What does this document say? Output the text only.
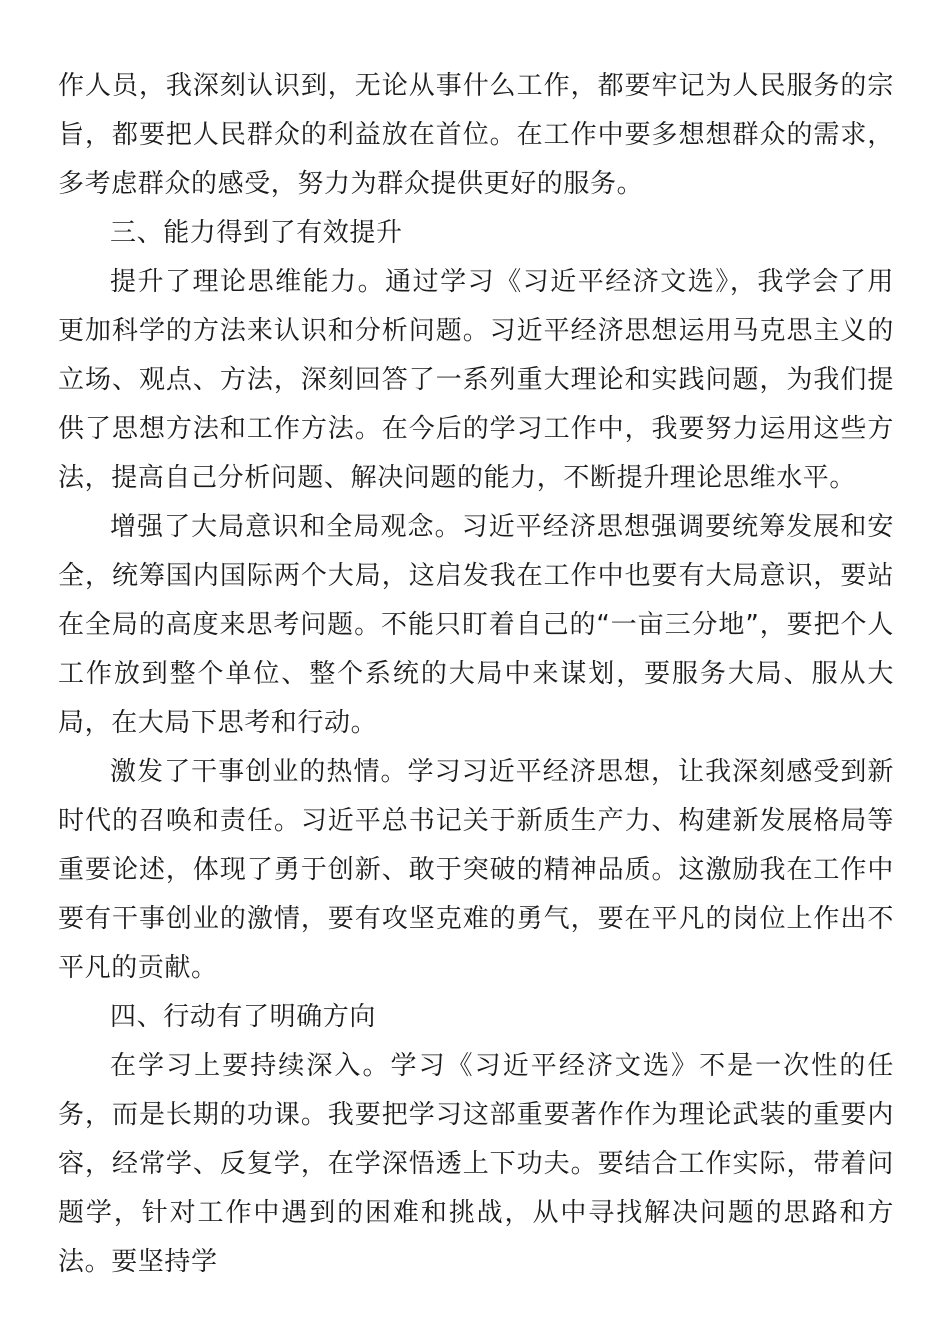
作人员，我深刻认识到，无论从事什么工作，都要牢记为人民服务的宗旨，都要把人民群众的利益放在首位。在工作中要多想想群众的需求，多考虑群众的感受，努力为群众提供更好的服务。

三、能力得到了有效提升

提升了理论思维能力。通过学习《习近平经济文选》，我学会了用更加科学的方法来认识和分析问题。习近平经济思想运用马克思主义的立场、观点、方法，深刻回答了一系列重大理论和实践问题，为我们提供了思想方法和工作方法。在今后的学习工作中，我要努力运用这些方法，提高自己分析问题、解决问题的能力，不断提升理论思维水平。

增强了大局意识和全局观念。习近平经济思想强调要统筹发展和安全，统筹国内国际两个大局，这启发我在工作中也要有大局意识，要站在全局的高度来思考问题。不能只盯着自己的“一亩三分地”，要把个人工作放到整个单位、整个系统的大局中来谋划，要服务大局、服从大局，在大局下思考和行动。

激发了干事创业的热情。学习习近平经济思想，让我深刻感受到新时代的召唤和责任。习近平总书记关于新质生产力、构建新发展格局等重要论述，体现了勇于创新、敢于突破的精神品质。这激励我在工作中要有干事创业的激情，要有攻坚克难的勇气，要在平凡的岗位上作出不平凡的贡献。

四、行动有了明确方向

在学习上要持续深入。学习《习近平经济文选》不是一次性的任务，而是长期的功课。我要把学习这部重要著作作为理论武装的重要内容，经常学、反复学，在学深悟透上下功夫。要结合工作实际，带着问题学，针对工作中遇到的困难和挑战，从中寻找解决问题的思路和方法。要坚持学
